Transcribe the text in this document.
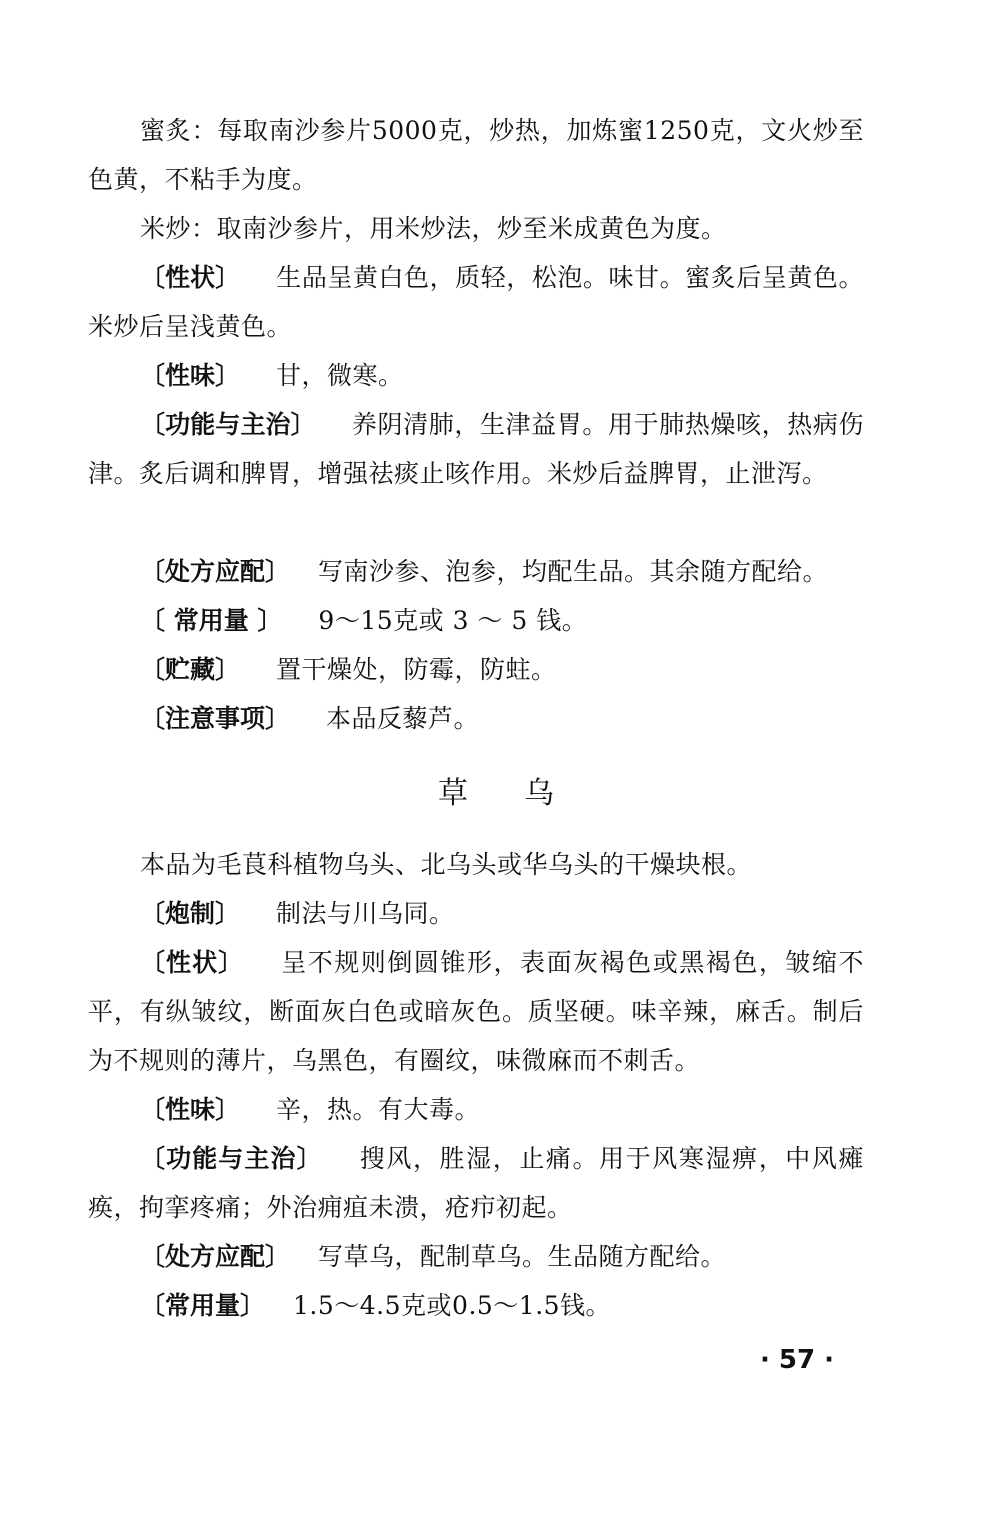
蜜炙：每取南沙参片5000克，炒热，加炼蜜1250克，文火炒至色黄，不粘手为度。

米炒：取南沙参片，用米炒法，炒至米成黄色为度。

〔性状〕 生品呈黄白色，质轻，松泡。味甘。蜜炙后呈黄色。米炒后呈浅黄色。

〔性味〕 甘，微寒。

〔功能与主治〕 养阴清肺，生津益胃。用于肺热燥咳，热病伤津。炙后调和脾胃，增强祛痰止咳作用。米炒后益脾胃，止泄泻。

〔处方应配〕 写南沙参、泡参，均配生品。其余随方配给。

〔 常用量 〕 9～15克或 3 ～ 5 钱。

〔贮藏〕 置干燥处，防霉，防蛀。

〔注意事项〕 本品反藜芦。

草乌

本品为毛茛科植物乌头、北乌头或华乌头的干燥块根。

〔炮制〕 制法与川乌同。

〔性状〕 呈不规则倒圆锥形，表面灰褐色或黑褐色，皱缩不平，有纵皱纹，断面灰白色或暗灰色。质坚硬。味辛辣，麻舌。制后为不规则的薄片，乌黑色，有圈纹，味微麻而不刺舌。

〔性味〕 辛，热。有大毒。

〔功能与主治〕 搜风，胜湿，止痛。用于风寒湿痹，中风瘫痪，拘挛疼痛；外治痈疽未溃，疮疖初起。

〔处方应配〕 写草乌，配制草乌。生品随方配给。

〔常用量〕 1.5～4.5克或0.5～1.5钱。

· 57 ·
